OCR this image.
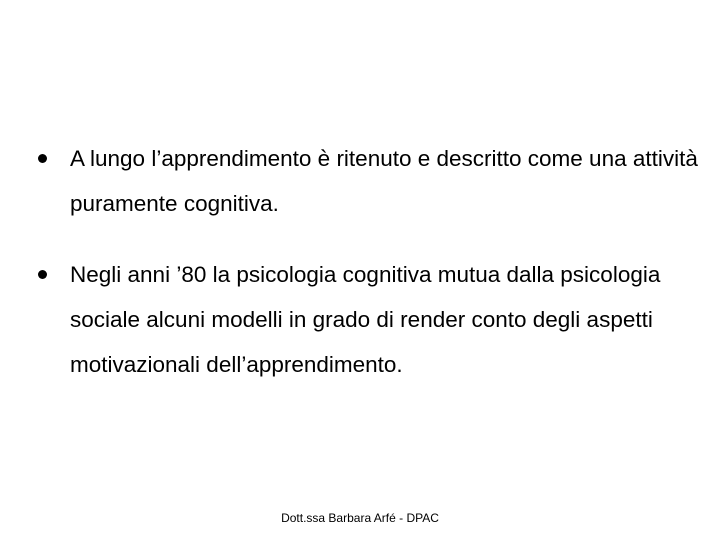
A lungo l’apprendimento è ritenuto e descritto come una attività puramente cognitiva.
Negli anni ’80 la psicologia cognitiva mutua dalla psicologia sociale alcuni modelli in grado di render conto degli aspetti motivazionali dell’apprendimento.
Dott.ssa Barbara Arfé - DPAC
